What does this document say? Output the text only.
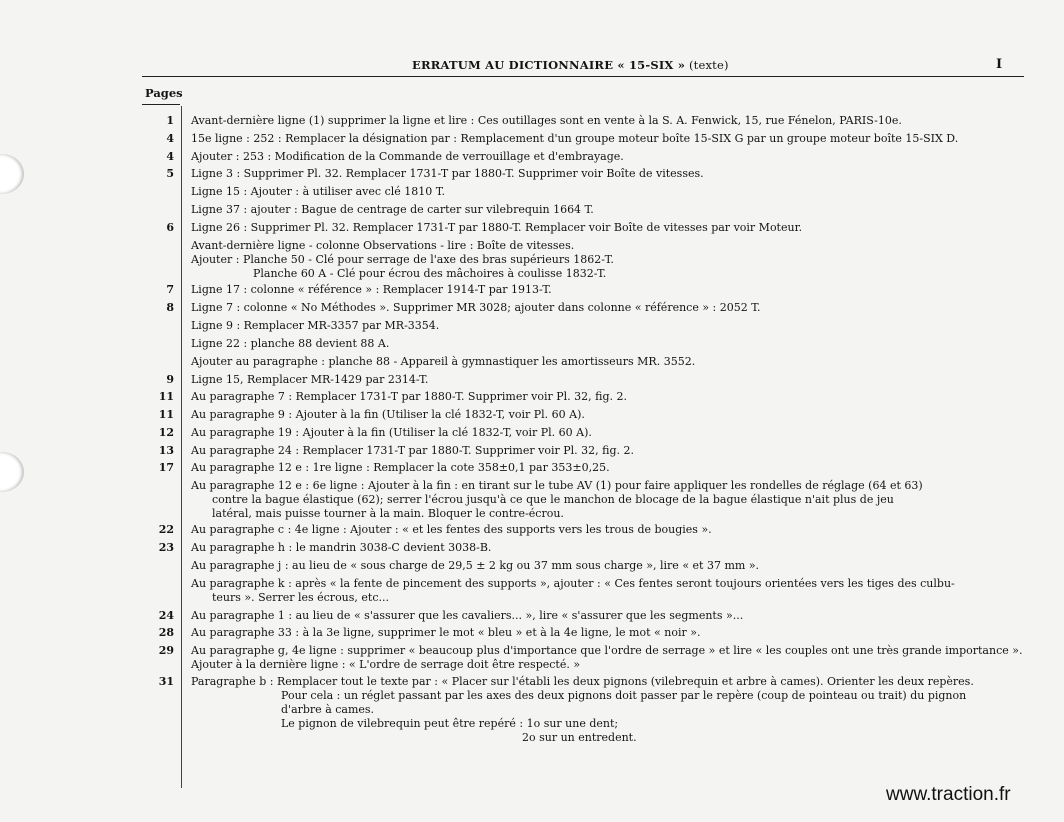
ERRATUM AU DICTIONNAIRE « 15-SIX » (texte)	I
Pages
1 Avant-dernière ligne (1) supprimer la ligne et lire : Ces outillages sont en vente à la S. A. Fenwick, 15, rue Fénelon, PARIS-10e.
4 15e ligne : 252 : Remplacer la désignation par : Remplacement d'un groupe moteur boîte 15-SIX G par un groupe moteur boîte 15-SIX D.
4 Ajouter : 253 : Modification de la Commande de verrouillage et d'embrayage.
5 Ligne 3 : Supprimer Pl. 32. Remplacer 1731-T par 1880-T. Supprimer voir Boîte de vitesses.
Ligne 15 : Ajouter : à utiliser avec clé 1810 T.
Ligne 37 : ajouter : Bague de centrage de carter sur vilebrequin 1664 T.
6 Ligne 26 : Supprimer Pl. 32. Remplacer 1731-T par 1880-T. Remplacer voir Boîte de vitesses par voir Moteur.
Avant-dernière ligne - colonne Observations - lire : Boîte de vitesses.
Ajouter : Planche 50 - Clé pour serrage de l'axe des bras supérieurs 1862-T.
Planche 60 A - Clé pour écrou des mâchoires à coulisse 1832-T.
7 Ligne 17 : colonne « référence » : Remplacer 1914-T par 1913-T.
8 Ligne 7 : colonne « No Méthodes ». Supprimer MR 3028; ajouter dans colonne « référence » : 2052 T.
Ligne 9 : Remplacer MR-3357 par MR-3354.
Ligne 22 : planche 88 devient 88 A.
Ajouter au paragraphe : planche 88 - Appareil à gymnastiquer les amortisseurs MR. 3552.
9 Ligne 15, Remplacer MR-1429 par 2314-T.
11 Au paragraphe 7 : Remplacer 1731-T par 1880-T. Supprimer voir Pl. 32, fig. 2.
11 Au paragraphe 9 : Ajouter à la fin (Utiliser la clé 1832-T, voir Pl. 60 A).
12 Au paragraphe 19 : Ajouter à la fin (Utiliser la clé 1832-T, voir Pl. 60 A).
13 Au paragraphe 24 : Remplacer 1731-T par 1880-T. Supprimer voir Pl. 32, fig. 2.
17 Au paragraphe 12 e : 1re ligne : Remplacer la cote 358±0,1 par 353±0,25.
Au paragraphe 12 e : 6e ligne : Ajouter à la fin : en tirant sur le tube AV (1) pour faire appliquer les rondelles de réglage (64 et 63)
contre la bague élastique (62); serrer l'écrou jusqu'à ce que le manchon de blocage de la bague élastique n'ait plus de jeu
latéral, mais puisse tourner à la main. Bloquer le contre-écrou.
22 Au paragraphe c : 4e ligne : Ajouter : « et les fentes des supports vers les trous de bougies ».
23 Au paragraphe h : le mandrin 3038-C devient 3038-B.
Au paragraphe j : au lieu de « sous charge de 29,5 ± 2 kg ou 37 mm sous charge », lire « et 37 mm ».
Au paragraphe k : après « la fente de pincement des supports », ajouter : « Ces fentes seront toujours orientées vers les tiges des culbu-
teurs ». Serrer les écrous, etc...
24 Au paragraphe 1 : au lieu de « s'assurer que les cavaliers... », lire « s'assurer que les segments »...
28 Au paragraphe 33 : à la 3e ligne, supprimer le mot « bleu » et à la 4e ligne, le mot « noir ».
29 Au paragraphe g, 4e ligne : supprimer « beaucoup plus d'importance que l'ordre de serrage » et lire « les couples ont une très grande importance ».
Ajouter à la dernière ligne : « L'ordre de serrage doit être respecté. »
31 Paragraphe b : Remplacer tout le texte par : « Placer sur l'établi les deux pignons (vilebrequin et arbre à cames). Orienter les deux repères.
Pour cela : un réglet passant par les axes des deux pignons doit passer par le repère (coup de pointeau ou trait) du pignon
d'arbre à cames.
Le pignon de vilebrequin peut être repéré : 1o sur une dent;
2o sur un entredent.
www.traction.fr
